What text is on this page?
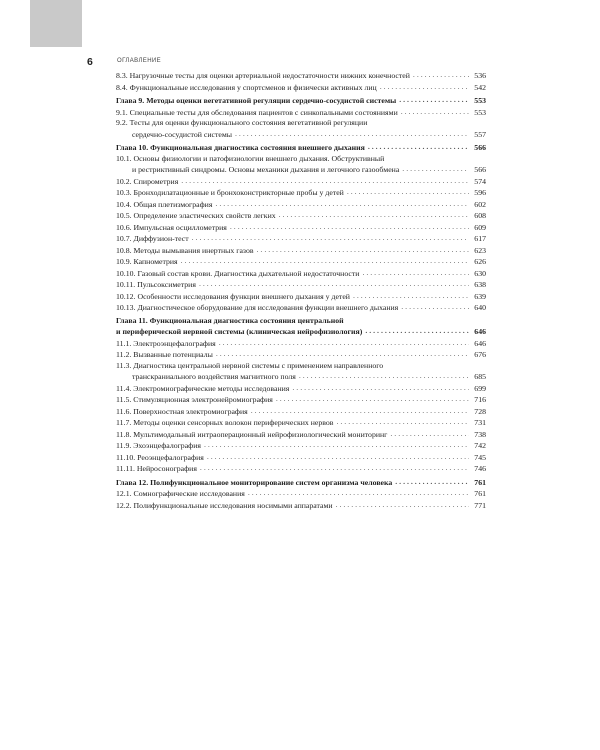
6	ОГЛАВЛЕНИЕ
8.3. Нагрузочные тесты для оценки артериальной недостаточности нижних конечностей . . .	536
8.4. Функциональные исследования у спортсменов и физически активных лиц . . .	542
Глава 9. Методы оценки вегетативной регуляции сердечно-сосудистой системы . . .	553
9.1. Специальные тесты для обследования пациентов с синкопальными состояниями . . .	553
9.2. Тесты для оценки функционального состояния вегетативной регуляции
сердечно-сосудистой системы . . .	557
Глава 10. Функциональная диагностика состояния внешнего дыхания . . .	566
10.1. Основы физиологии и патофизиологии внешнего дыхания. Обструктивный
и рестриктивный синдромы. Основы механики дыхания и легочного газообмена . . .	566
10.2. Спирометрия . . .	574
10.3. Бронходилатационные и бронхоконстрикторные пробы у детей . . .	596
10.4. Общая плетизмография . . .	602
10.5. Определение эластических свойств легких . . .	608
10.6. Импульсная осциллометрия . . .	609
10.7. Диффузион-тест . . .	617
10.8. Методы вымывания инертных газов . . .	623
10.9. Капнометрия . . .	626
10.10. Газовый состав крови. Диагностика дыхательной недостаточности . . .	630
10.11. Пульсоксиметрия . . .	638
10.12. Особенности исследования функции внешнего дыхания у детей . . .	639
10.13. Диагностическое оборудование для исследования функции внешнего дыхания . . .	640
Глава 11. Функциональная диагностика состояния центральной
и периферической нервной системы (клиническая нейрофизиология) . . .	646
11.1. Электроэнцефалография . . .	646
11.2. Вызванные потенциалы . . .	676
11.3. Диагностика центральной нервной системы с применением направленного
транскраниального воздействия магнитного поля . . .	685
11.4. Электромиографические методы исследования . . .	699
11.5. Стимуляционная электронейромиография . . .	716
11.6. Поверхностная электромиография . . .	728
11.7. Методы оценки сенсорных волокон периферических нервов . . .	731
11.8. Мультимодальный интраоперационный нейрофизиологический мониторинг . . .	738
11.9. Эхоэнцефалография . . .	742
11.10. Реоэнцефалография . . .	745
11.11. Нейросонография . . .	746
Глава 12. Полифункциональное мониторирование систем организма человека . . .	761
12.1. Сомнографические исследования . . .	761
12.2. Полифункциональные исследования носимыми аппаратами . . .	771
